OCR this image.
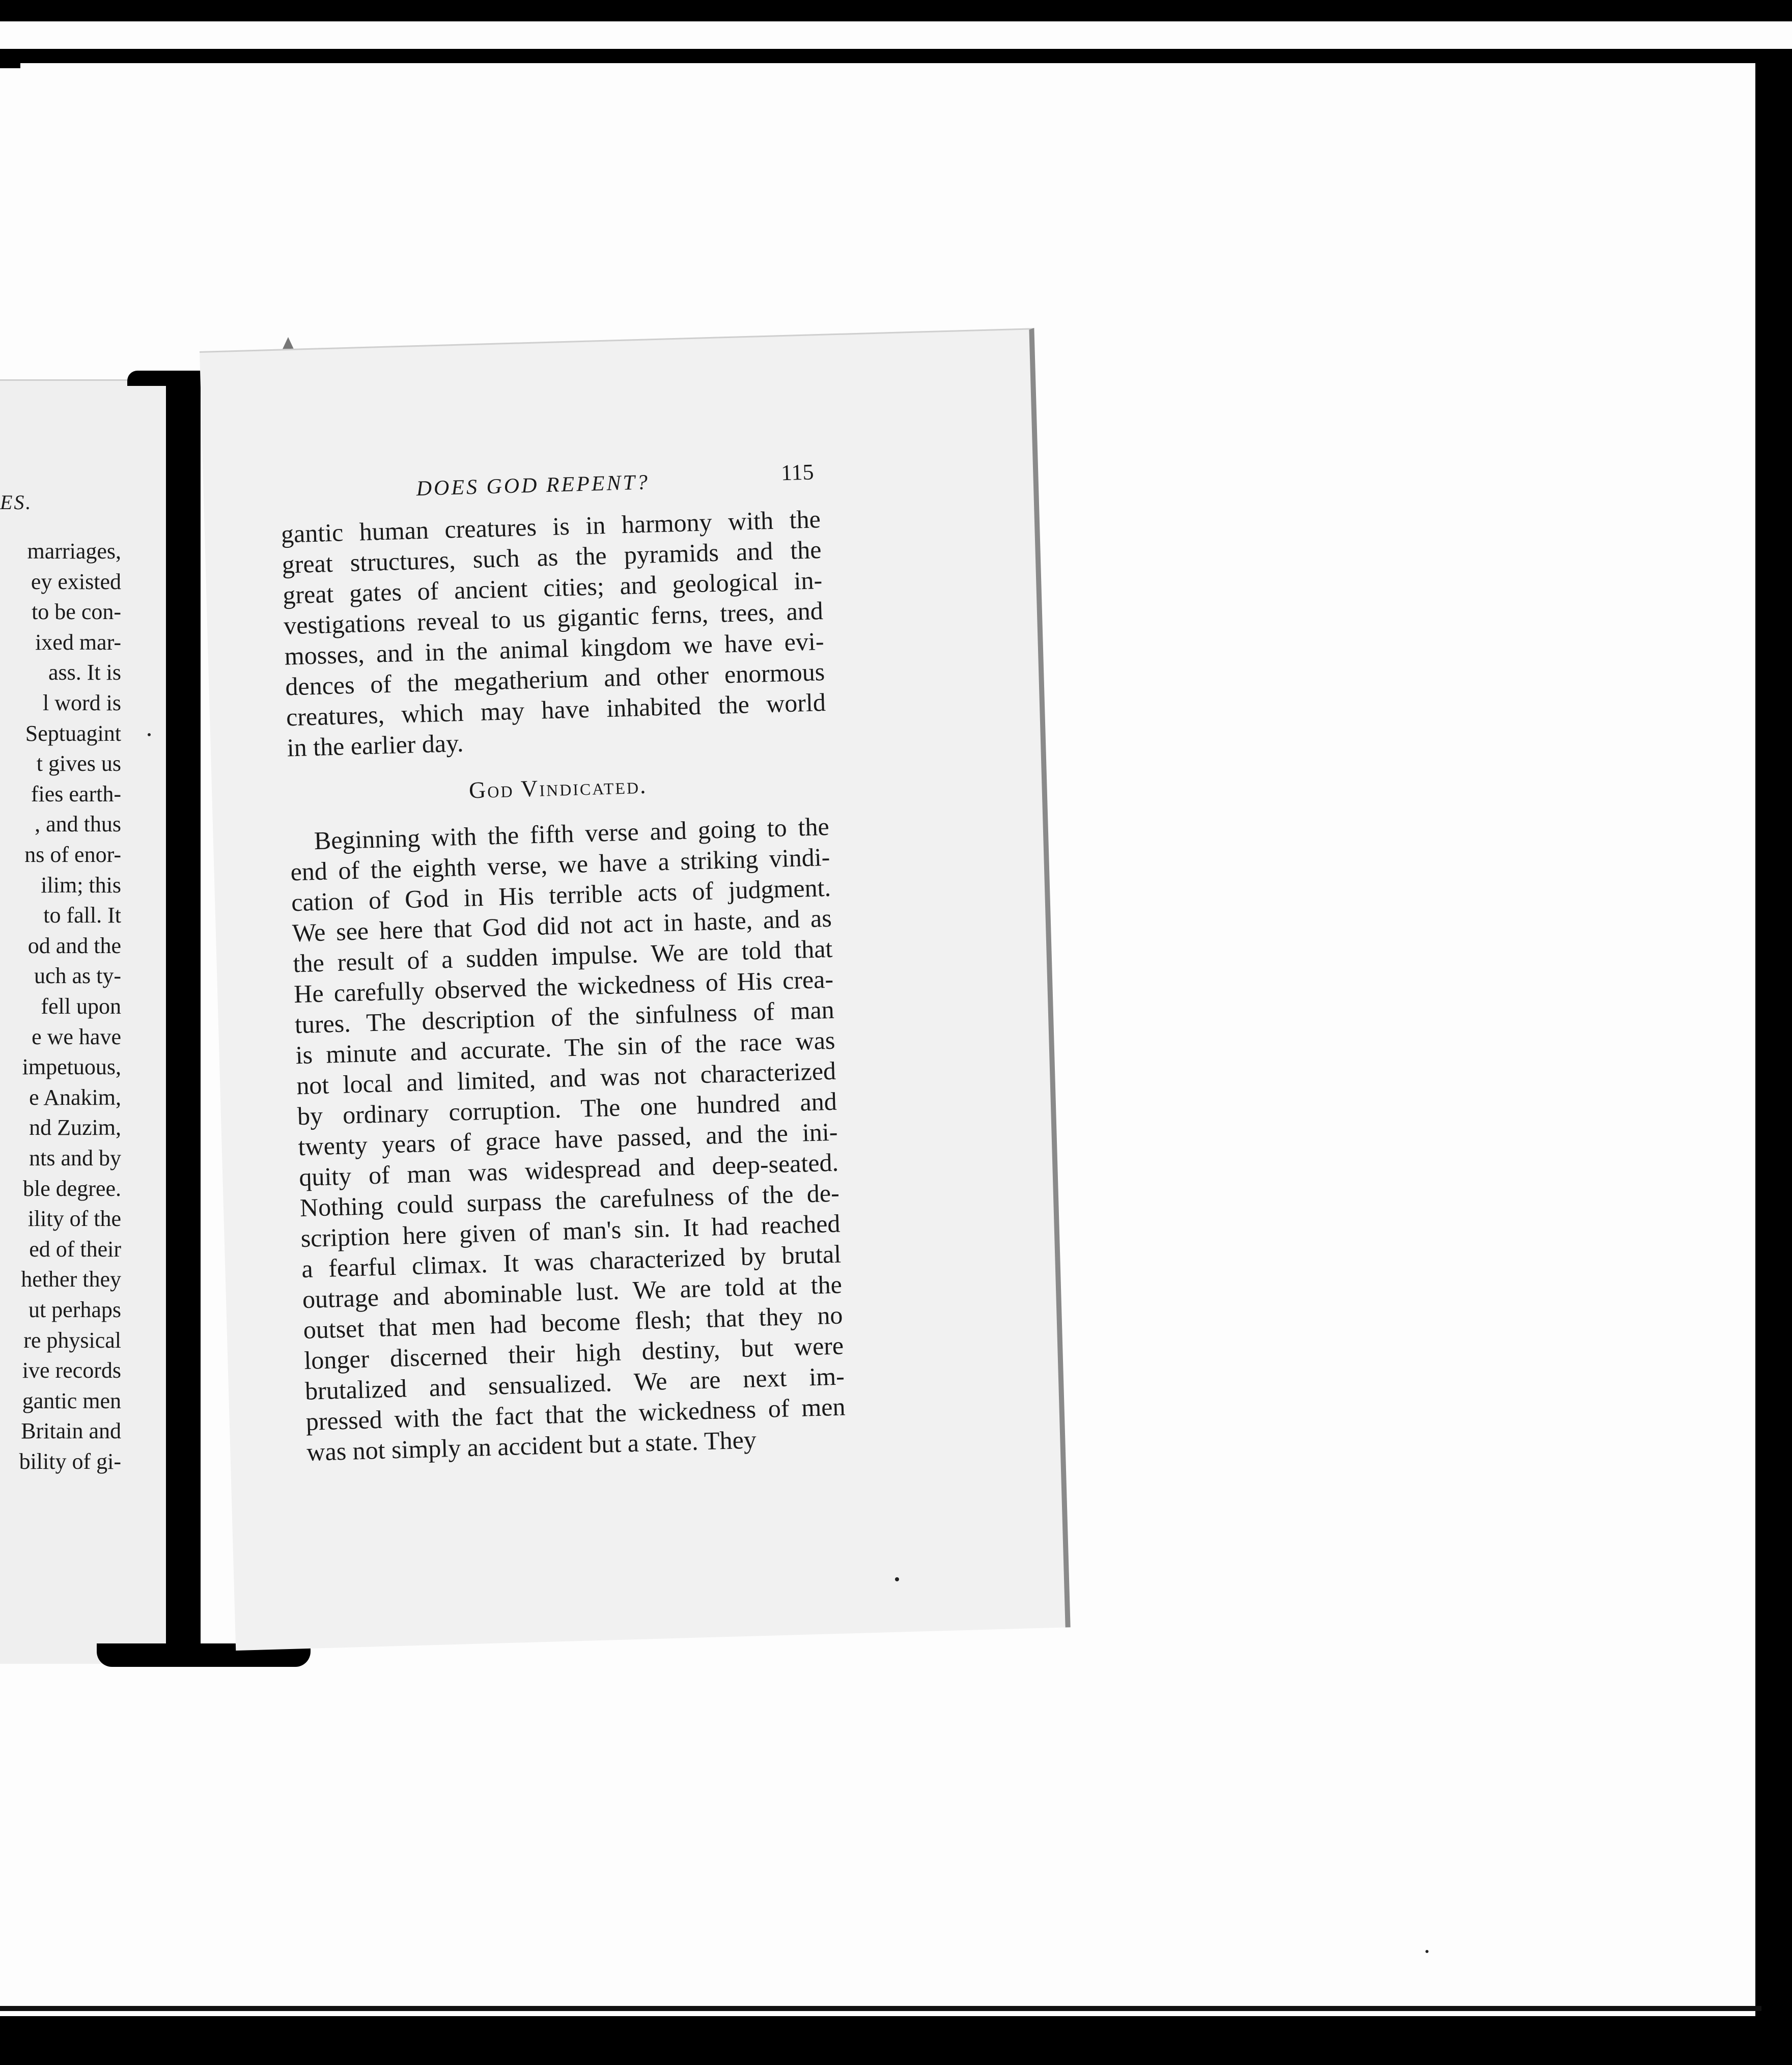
ES.
marriages,
ey existed
to be con-
ixed mar-
ass. It is
l word is
Septuagint
t gives us
fies earth-
, and thus
ns of enor-
ilim; this
to fall. It
od and the
uch as ty-
fell upon
e we have
impetuous,
e Anakim,
nd Zuzim,
nts and by
ble degree.
ility of the
ed of their
hether they
ut perhaps
re physical
ive records
gantic men
Britain and
bility of gi-
DOES GOD REPENT?	115
gantic human creatures is in harmony with the
great structures, such as the pyramids and the
great gates of ancient cities; and geological in-
vestigations reveal to us gigantic ferns, trees, and
mosses, and in the animal kingdom we have evi-
dences of the megatherium and other enormous
creatures, which may have inhabited the world
in the earlier day.
God Vindicated.
Beginning with the fifth verse and going to the
end of the eighth verse, we have a striking vindi-
cation of God in His terrible acts of judgment.
We see here that God did not act in haste, and as
the result of a sudden impulse. We are told that
He carefully observed the wickedness of His crea-
tures. The description of the sinfulness of man
is minute and accurate. The sin of the race was
not local and limited, and was not characterized
by ordinary corruption. The one hundred and
twenty years of grace have passed, and the ini-
quity of man was widespread and deep-seated.
Nothing could surpass the carefulness of the de-
scription here given of man's sin. It had reached
a fearful climax. It was characterized by brutal
outrage and abominable lust. We are told at the
outset that men had become flesh; that they no
longer discerned their high destiny, but were
brutalized and sensualized. We are next im-
pressed with the fact that the wickedness of men
was not simply an accident but a state. They
